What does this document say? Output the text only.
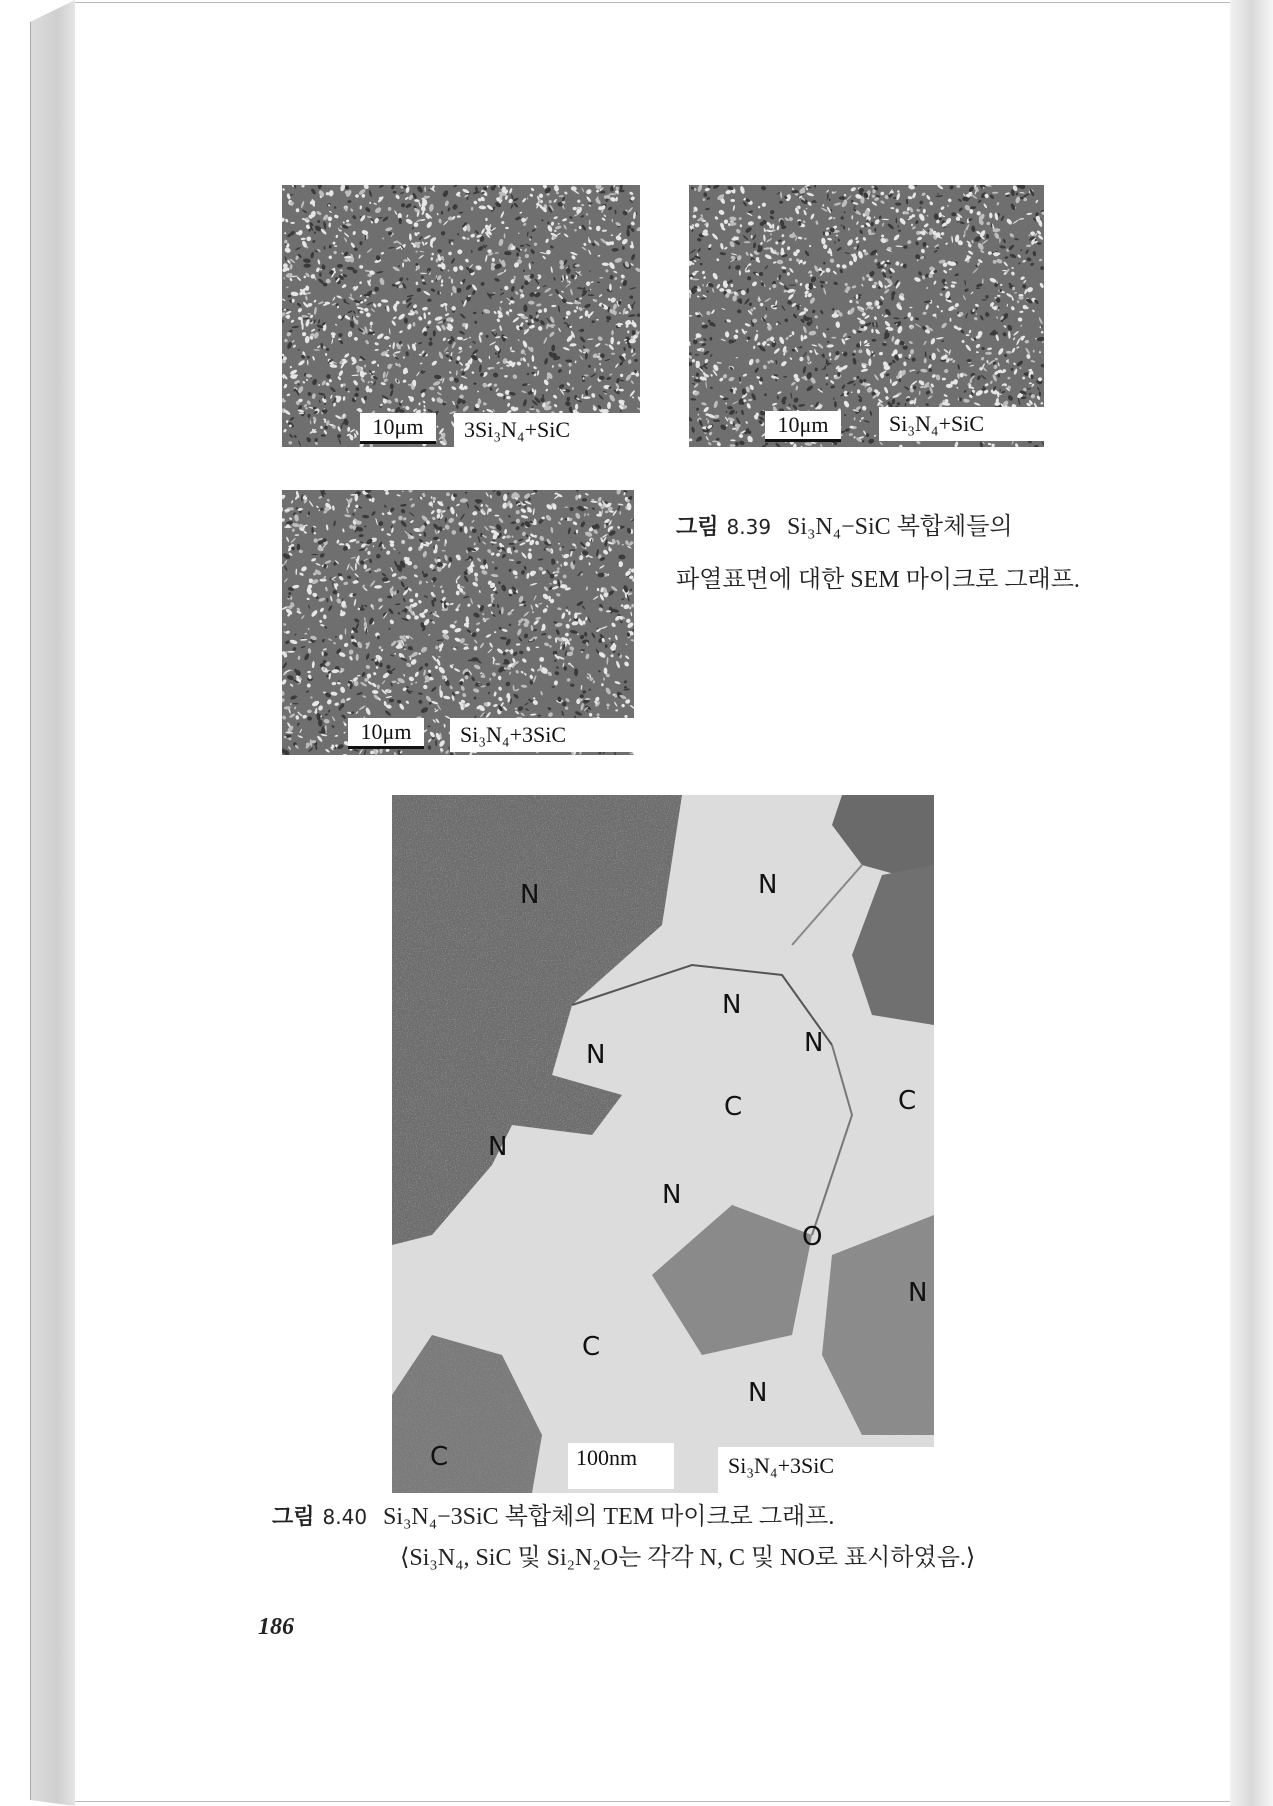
10μm	3Si₃N₄+SiC	10μm	Si₃N₄+SiC
10μm	Si₃N₄+3SiC
그림 8.39 Si₃N₄−SiC 복합체들의
파열표면에 대한 SEM 마이크로 그래프.
N	N
N
N	N
C	C
N
N
O
N
C
N
C	100nm	Si₃N₄+3SiC
그림 8.40 Si₃N₄−3SiC 복합체의 TEM 마이크로 그래프.
⟨Si₃N₄, SiC 및 Si₂N₂O는 각각 N, C 및 NO로 표시하였음.⟩
186
